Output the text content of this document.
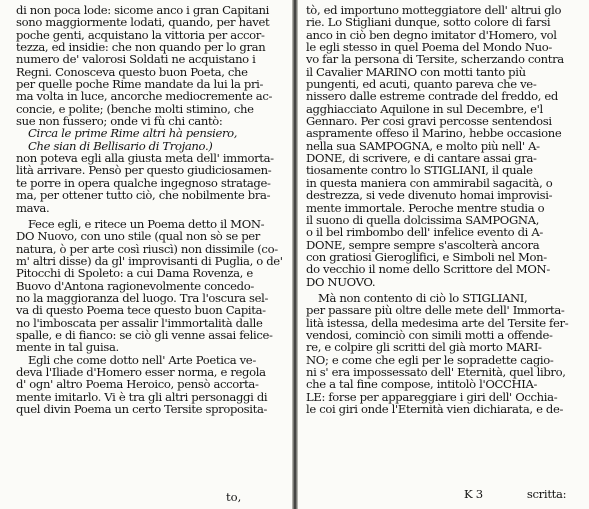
di non poca lode: sicome anco i gran Capitani
sono maggiormente lodati, quando, per havet
poche genti, acquistano la vittoria per accor-
tezza, ed insidie: che non quando per lo gran
numero de' valorosi Soldati ne acquistano i
Regni. Conosceva questo buon Poeta, che
per quelle poche Rime mandate da lui la pri-
ma volta in luce, ancorche mediocremente ac-
concie, e polite; (benche molti stimino, che
sue non fussero; onde vi fù chi cantò:
Circa le prime Rime altri hà pensiero,
Che sian di Bellisario di Trojano.)
non poteva egli alla giusta meta dell' immorta-
lità arrivare. Pensò per questo giudiciosamen-
te porre in opera qualche ingegnoso stratage-
ma, per ottener tutto ciò, che nobilmente bra-
mava.
Fece egli, e ritece un Poema detto il MON-
DO Nuovo, con uno stile (qual non sò se per
natura, ò per arte così riuscì) non dissimile (co-
m' altri disse) da gl' improvisanti di Puglia, o de'
Pitocchi di Spoleto: a cui Dama Rovenza, e
Buovo d'Antona ragionevolmente concedo-
no la maggioranza del luogo. Tra l'oscura sel-
va di questo Poema tece questo buon Capita-
no l'imboscata per assalir l'immortalità dalle
spalle, e di fianco: se ciò gli venne assai felice-
mente in tal guisa.
Egli che come dotto nell' Arte Poetica ve-
deva l'Iliade d'Homero esser norma, e regola
d' ogn' altro Poema Heroico, pensò accorta-
mente imitarlo. Vi è tra gli altri personaggi di
quel divin Poema un certo Tersite sproposita-
to,
tò, ed importuno motteggiatore dell' altrui glo
rie. Lo Stigliani dunque, sotto colore di farsi
anco in ciò ben degno imitator d'Homero, vol
le egli stesso in quel Poema del Mondo Nuo-
vo far la persona di Tersite, scherzando contra
il Cavalier MARINO con motti tanto più
pungenti, ed acuti, quanto pareva che ve-
nissero dalle estreme contrade del freddo, ed
agghiacciato Aquilone in sul Decembre, e'l
Gennaro. Per cosi gravi percosse sentendosi
aspramente offeso il Marino, hebbe occasione
nella sua SAMPOGNA, e molto più nell' A-
DONE, di scrivere, e di cantare assai gra-
tiosamente contro lo STIGLIANI, il quale
in questa maniera con ammirabil sagacità, o
destrezza, si vede divenuto homai improvisi-
mente immortale. Peroche mentre studia o
il suono di quella dolcissima SAMPOGNA,
o il bel rimbombo dell' infelice evento di A-
DONE, sempre sempre s'ascolterà ancora
con gratiosi Gieroglifici, e Simboli nel Mon-
do vecchio il nome dello Scrittore del MON-
DO NUOVO.
Mà non contento di ciò lo STIGLIANI,
per passare più oltre delle mete dell' Immorta-
lità istessa, della medesima arte del Tersite fer-
vendosi, cominciò con simili motti a offende-
re, e colpire gli scritti del già morto MARI-
NO; e come che egli per le sopradette cagio-
ni s' era impossessato dell' Eternità, quel libro,
che a tal fine compose, intitolò l'OCCHIA-
LE: forse per appareggiare i giri dell' Occhia-
le coi giri onde l'Eternità vien dichiarata, e de-
K 3	scritta:
